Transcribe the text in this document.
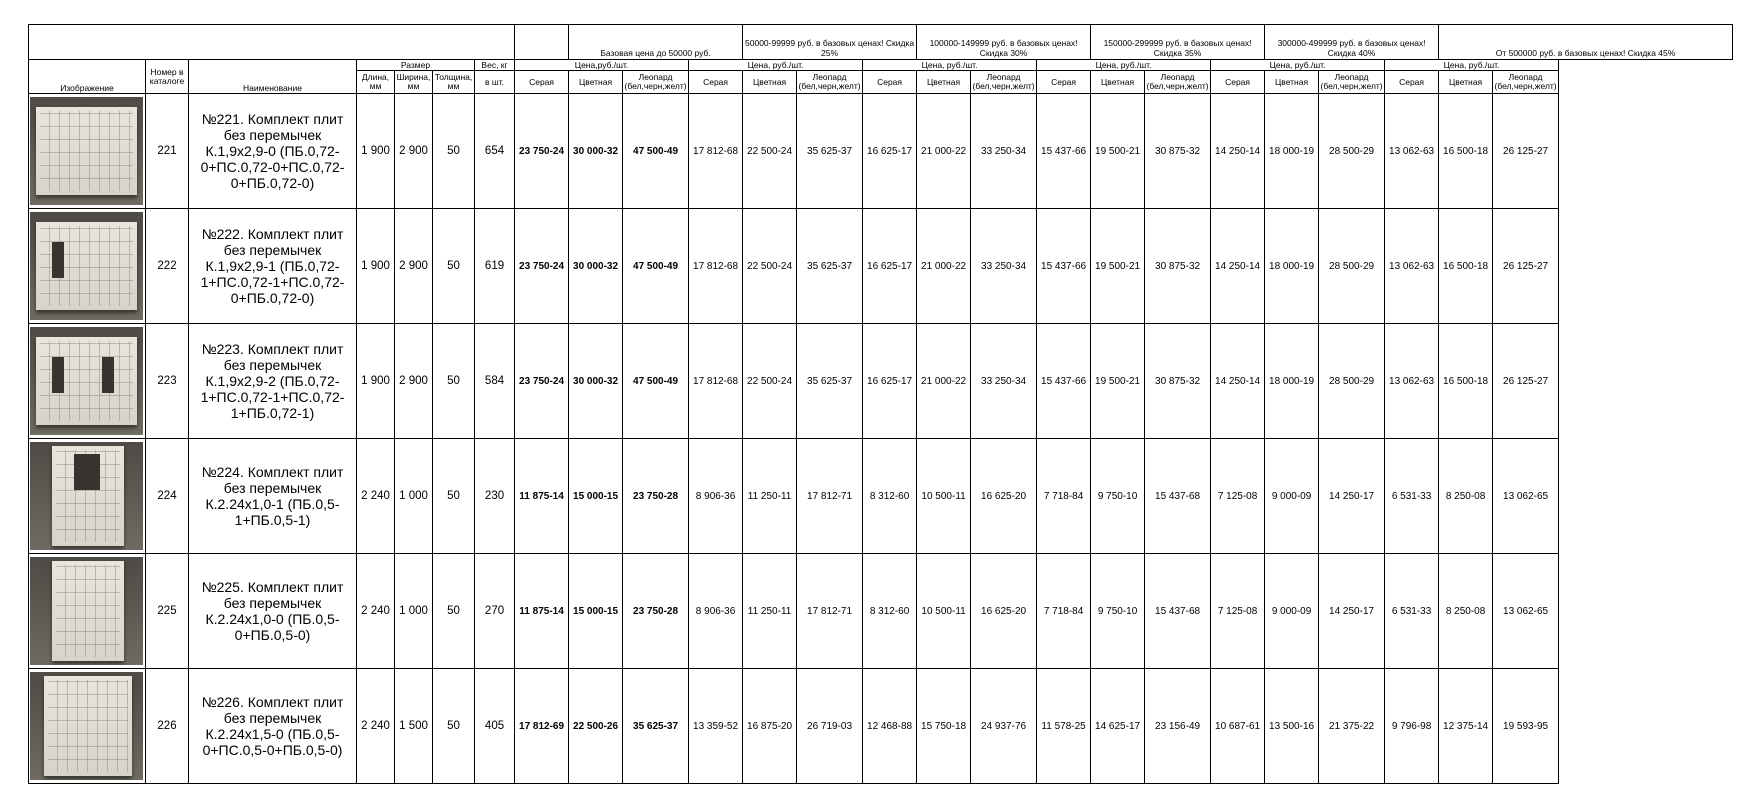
								Базовая цена до 50000 руб.			50000-99999 руб. в базовых ценах! Скидка 25%			100000-149999 руб. в базовых ценах! Скидка 30%			150000-299999 руб. в базовых ценах! Скидка 35%			300000-499999 руб. в базовых ценах! Скидка 40%			От 500000 руб. в базовых ценах! Скидка 45%	
Изображение	Номер в каталоге	Наименование	Размер			Вес, кг	Цена,руб./шт.			Цена, руб./шт.			Цена, руб./шт.			Цена, руб./шт.			Цена, руб./шт.			Цена, руб./шт.		
			Длина, мм	Ширина, мм	Толщина, мм	в шт.	Серая	Цветная	Леопард (бел,черн,желт)	Серая	Цветная	Леопард (бел,черн,желт)	Серая	Цветная	Леопард (бел,черн,желт)	Серая	Цветная	Леопард (бел,черн,желт)	Серая	Цветная	Леопард (бел,черн,желт)	Серая	Цветная	Леопард (бел,черн,желт)

	221	№221. Комплект плит без перемычек К.1,9х2,9-0 (ПБ.0,72-0+ПС.0,72-0+ПС.0,72-0+ПБ.0,72-0)	1 900	2 900	50	654	23 750-24	30 000-32	47 500-49	17 812-68	22 500-24	35 625-37	16 625-17	21 000-22	33 250-34	15 437-66	19 500-21	30 875-32	14 250-14	18 000-19	28 500-29	13 062-63	16 500-18	26 125-27

	222	№222. Комплект плит без перемычек К.1,9х2,9-1 (ПБ.0,72-1+ПС.0,72-1+ПС.0,72-0+ПБ.0,72-0)	1 900	2 900	50	619	23 750-24	30 000-32	47 500-49	17 812-68	22 500-24	35 625-37	16 625-17	21 000-22	33 250-34	15 437-66	19 500-21	30 875-32	14 250-14	18 000-19	28 500-29	13 062-63	16 500-18	26 125-27

	223	№223. Комплект плит без перемычек К.1,9х2,9-2 (ПБ.0,72-1+ПС.0,72-1+ПС.0,72-1+ПБ.0,72-1)	1 900	2 900	50	584	23 750-24	30 000-32	47 500-49	17 812-68	22 500-24	35 625-37	16 625-17	21 000-22	33 250-34	15 437-66	19 500-21	30 875-32	14 250-14	18 000-19	28 500-29	13 062-63	16 500-18	26 125-27

	224	№224. Комплект плит без перемычек К.2.24х1,0-1 (ПБ.0,5-1+ПБ.0,5-1)	2 240	1 000	50	230	11 875-14	15 000-15	23 750-28	8 906-36	11 250-11	17 812-71	8 312-60	10 500-11	16 625-20	7 718-84	9 750-10	15 437-68	7 125-08	9 000-09	14 250-17	6 531-33	8 250-08	13 062-65

	225	№225. Комплект плит без перемычек К.2.24х1,0-0 (ПБ.0,5-0+ПБ.0,5-0)	2 240	1 000	50	270	11 875-14	15 000-15	23 750-28	8 906-36	11 250-11	17 812-71	8 312-60	10 500-11	16 625-20	7 718-84	9 750-10	15 437-68	7 125-08	9 000-09	14 250-17	6 531-33	8 250-08	13 062-65

	226	№226. Комплект плит без перемычек К.2.24х1,5-0 (ПБ.0,5-0+ПС.0,5-0+ПБ.0,5-0)	2 240	1 500	50	405	17 812-69	22 500-26	35 625-37	13 359-52	16 875-20	26 719-03	12 468-88	15 750-18	24 937-76	11 578-25	14 625-17	23 156-49	10 687-61	13 500-16	21 375-22	9 796-98	12 375-14	19 593-95
